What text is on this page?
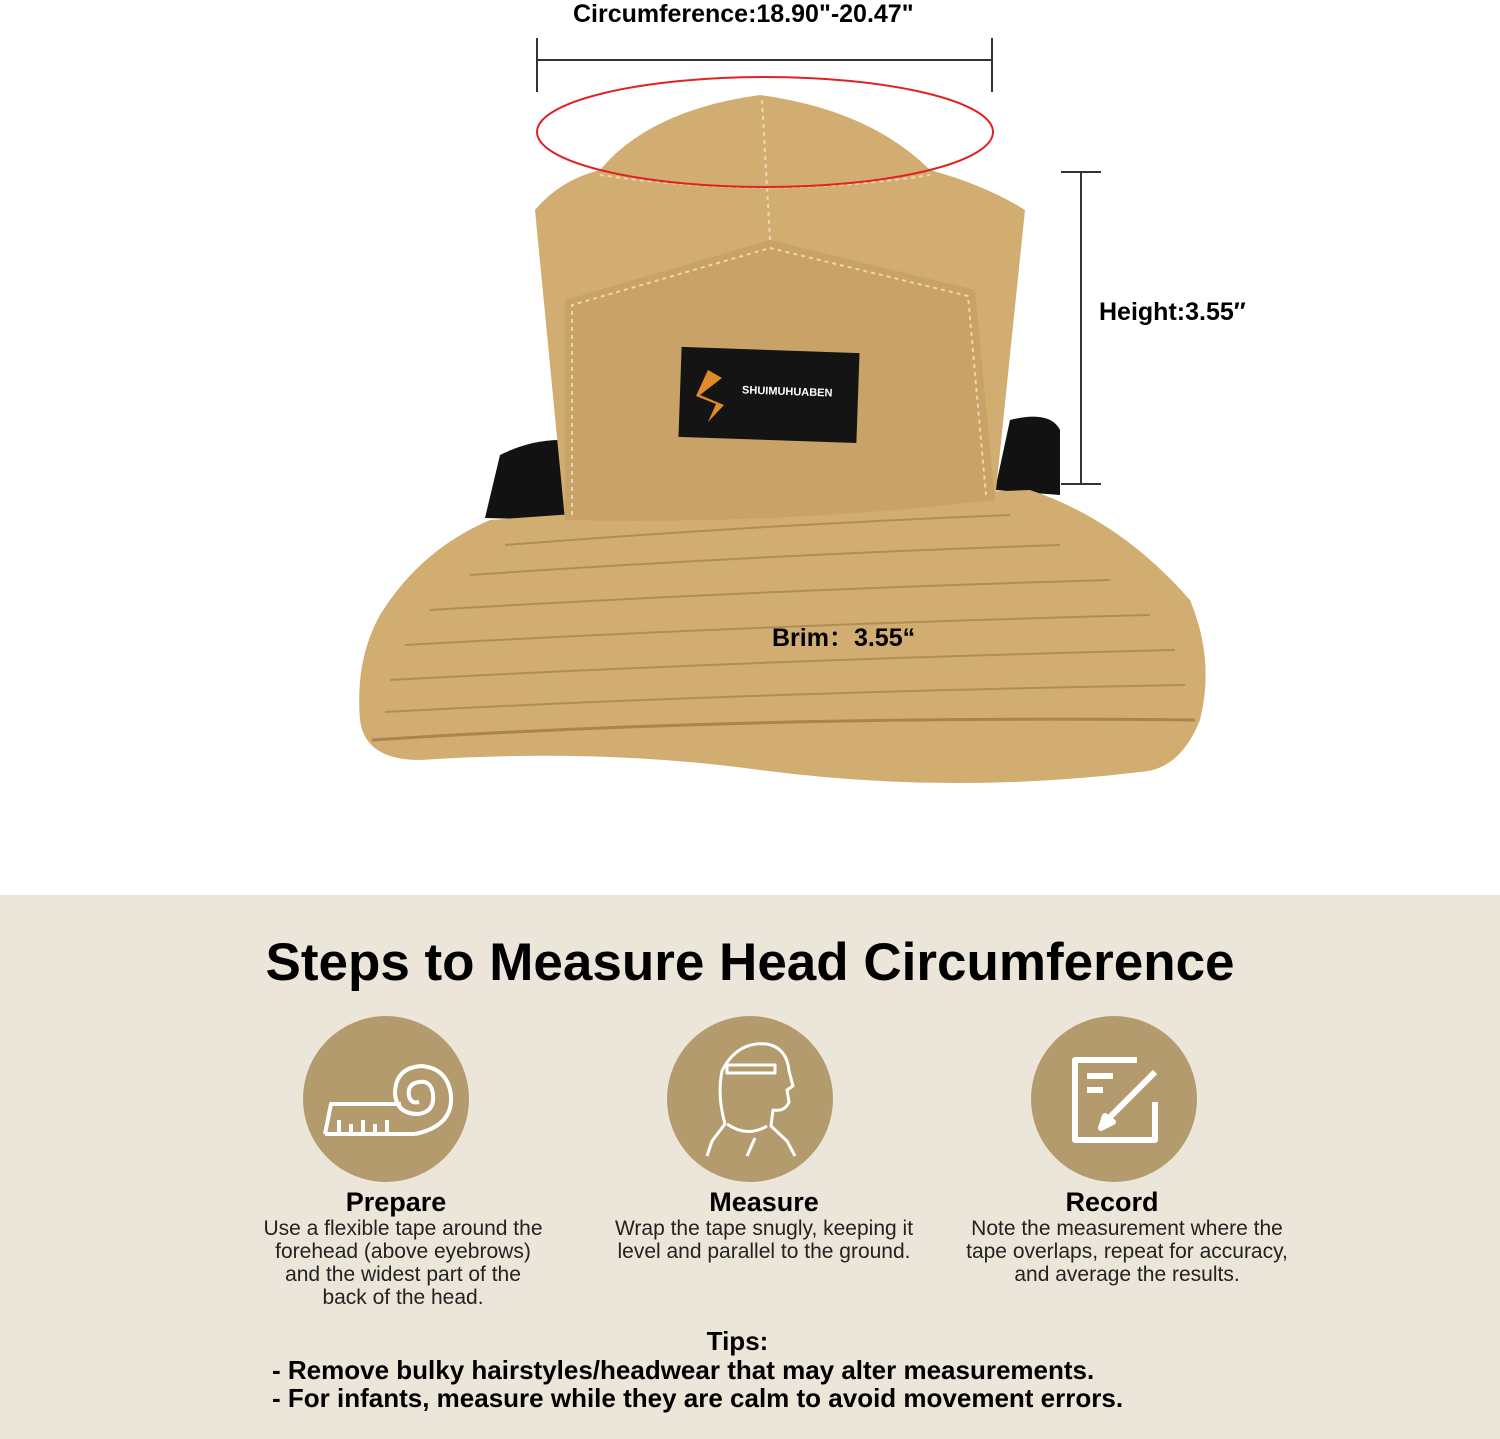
SHUIMUHUABEN
Circumference:18.90"-20.47"
Height:3.55″
Brim：3.55“
Steps to Measure Head Circumference
Prepare
Use a flexible tape around the
forehead (above eyebrows)
and the widest part of the
back of the head.
Measure
Wrap the tape snugly, keeping it
level and parallel to the ground.
Record
Note the measurement where the
tape overlaps, repeat for accuracy,
and average the results.
Tips:
- Remove bulky hairstyles/headwear that may alter measurements.
- For infants, measure while they are calm to avoid movement errors.
